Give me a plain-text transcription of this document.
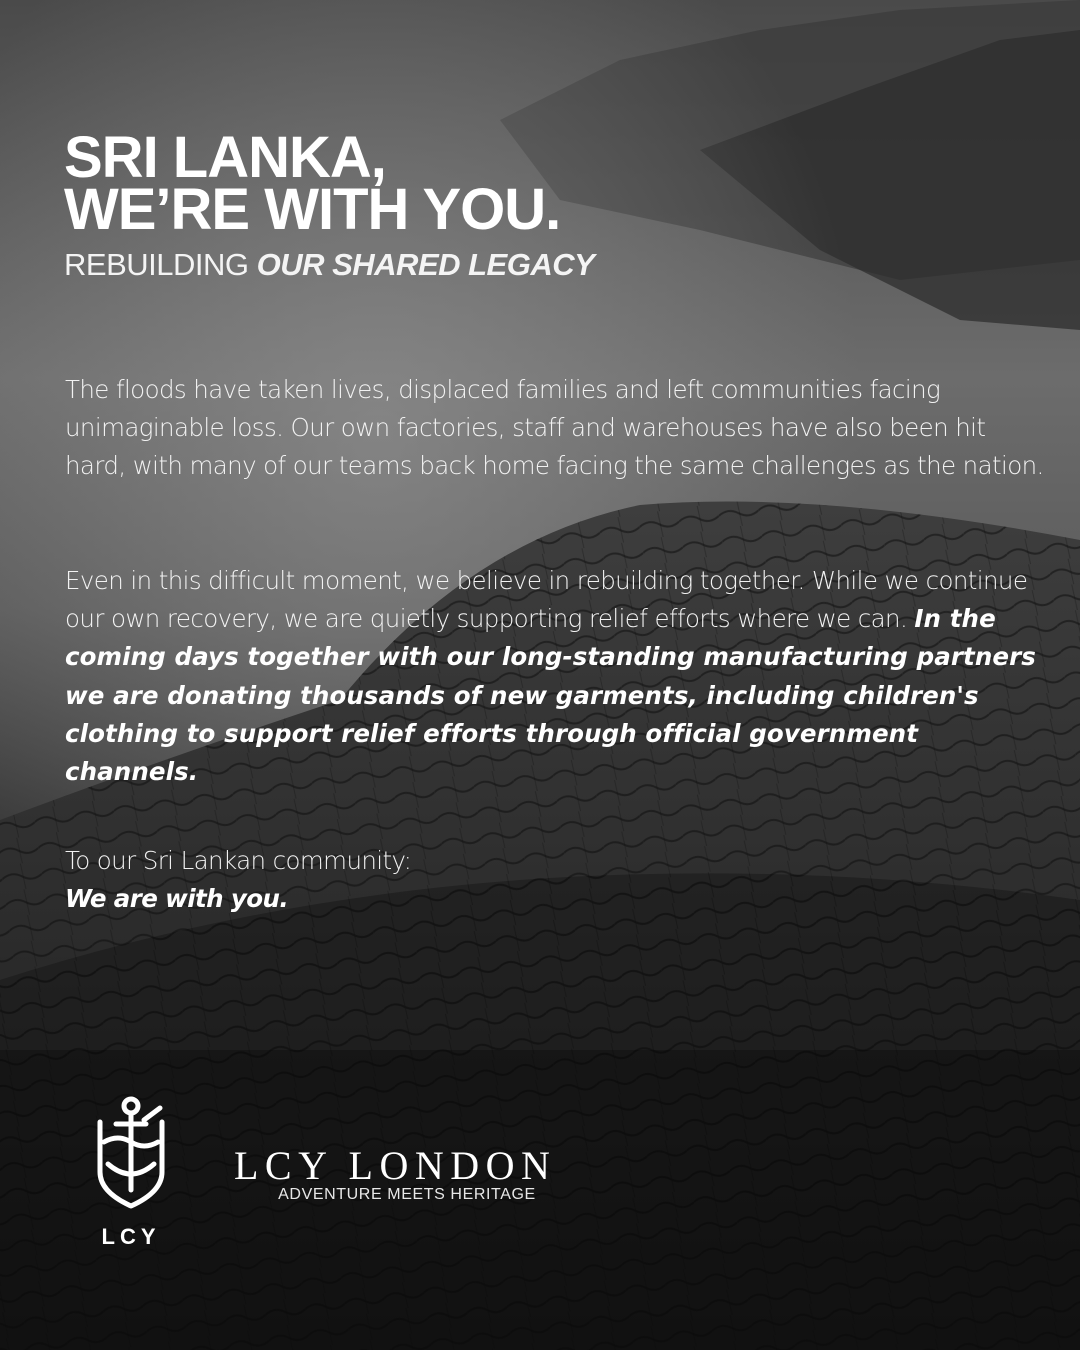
SRI LANKA,
WE’RE WITH YOU.

REBUILDING OUR SHARED LEGACY

The floods have taken lives, displaced families and left communities facing unimaginable loss. Our own factories, staff and warehouses have also been hit hard, with many of our teams back home facing the same challenges as the nation.

Even in this difficult moment, we believe in rebuilding together. While we continue our own recovery, we are quietly supporting relief efforts where we can. In the coming days together with our long-standing manufacturing partners we are donating thousands of new garments, including children's clothing to support relief efforts through official government channels.

To our Sri Lankan community:
We are with you.

LCY

LCY LONDON

ADVENTURE MEETS HERITAGE
